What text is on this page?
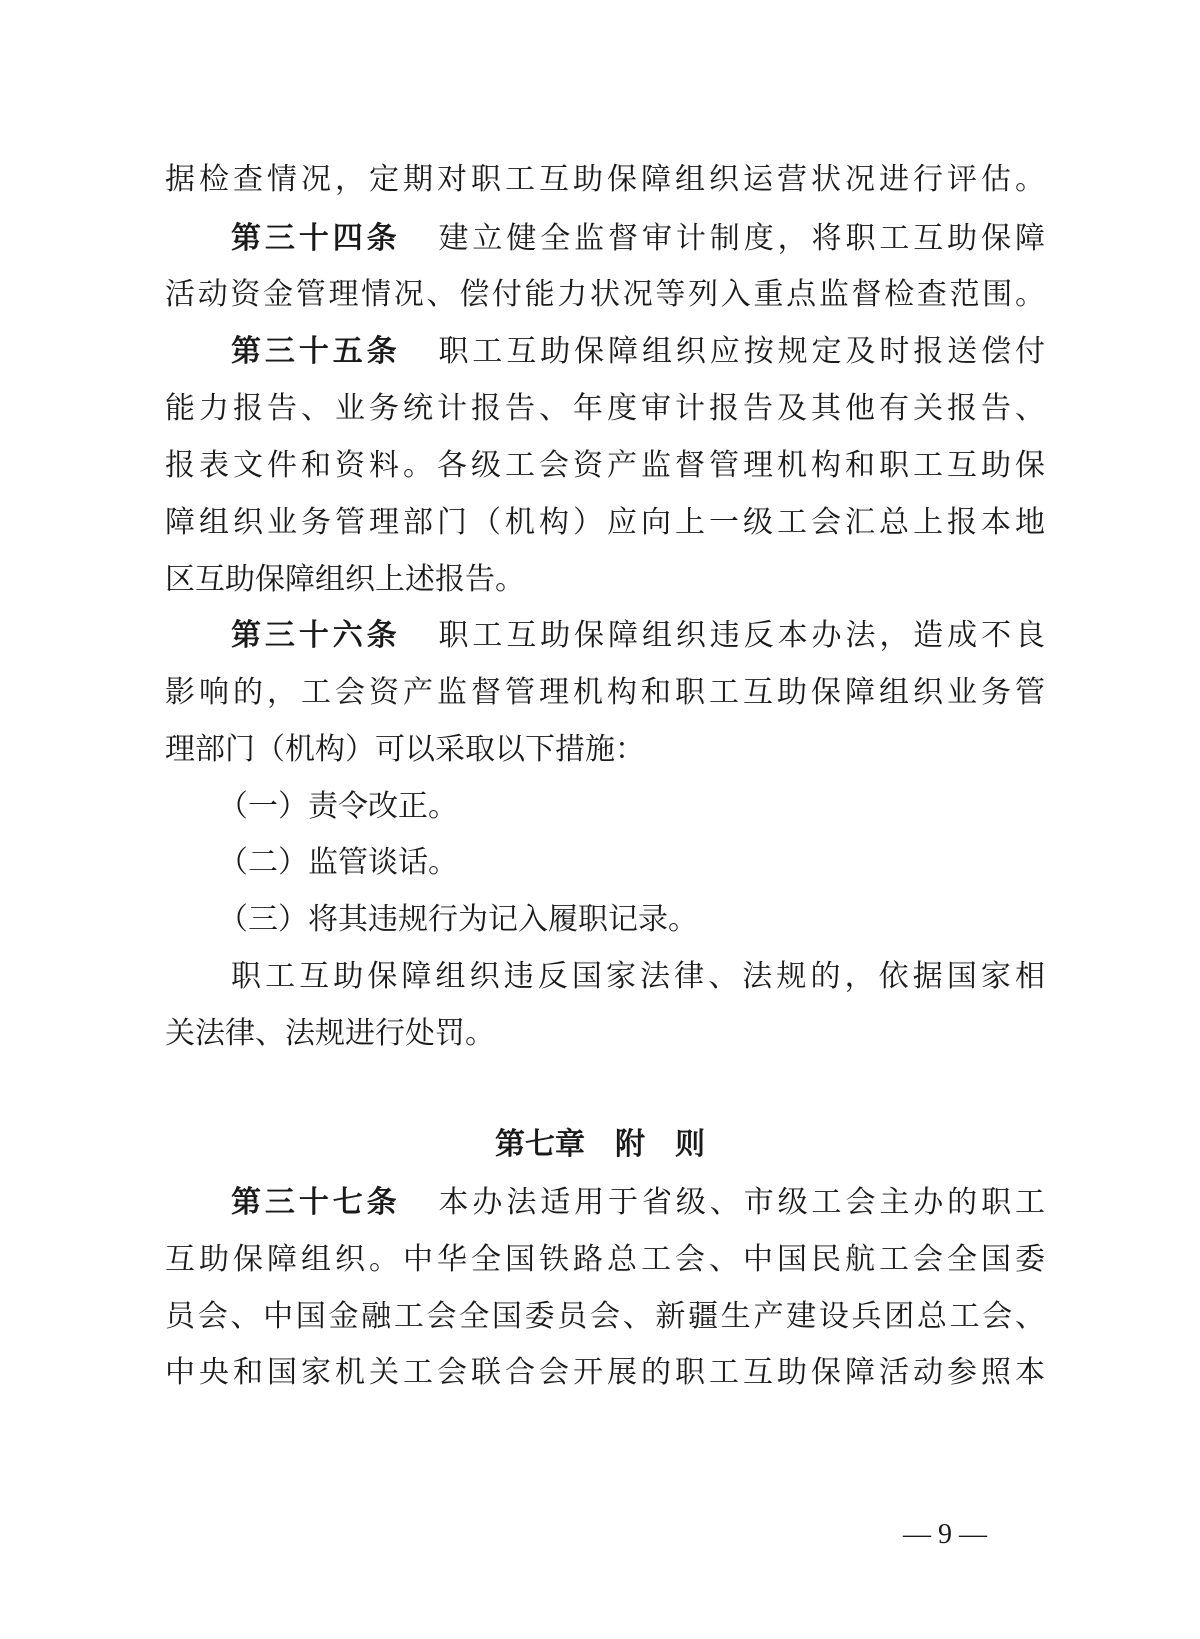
据检查情况，定期对职工互助保障组织运营状况进行评估。
第三十四条 建立健全监督审计制度，将职工互助保障
活动资金管理情况、偿付能力状况等列入重点监督检查范围。
第三十五条 职工互助保障组织应按规定及时报送偿付
能力报告、业务统计报告、年度审计报告及其他有关报告、
报表文件和资料。各级工会资产监督管理机构和职工互助保
障组织业务管理部门（机构）应向上一级工会汇总上报本地
区互助保障组织上述报告。
第三十六条 职工互助保障组织违反本办法，造成不良
影响的，工会资产监督管理机构和职工互助保障组织业务管
理部门（机构）可以采取以下措施：
（一）责令改正。
（二）监管谈话。
（三）将其违规行为记入履职记录。
职工互助保障组织违反国家法律、法规的，依据国家相
关法律、法规进行处罚。
第七章　附　则
第三十七条 本办法适用于省级、市级工会主办的职工
互助保障组织。中华全国铁路总工会、中国民航工会全国委
员会、中国金融工会全国委员会、新疆生产建设兵团总工会、
中央和国家机关工会联合会开展的职工互助保障活动参照本
— 9 —
